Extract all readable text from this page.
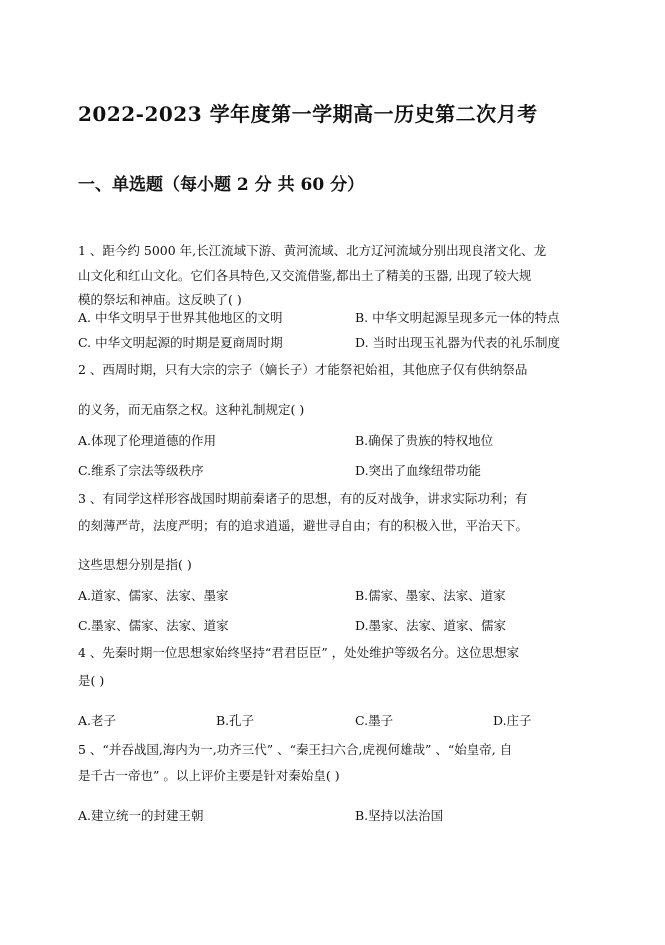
2022-2023 学年度第一学期高一历史第二次月考
一、单选题（每小题 2 分 共 60 分）
1 、距今约 5000 年,长江流域下游、黄河流域、北方辽河流域分别出现良渚文化、龙
山文化和红山文化。它们各具特色,又交流借鉴,都出土了精美的玉器, 出现了较大规
模的祭坛和神庙。这反映了( )
A. 中华文明早于世界其他地区的文明	B. 中华文明起源呈现多元一体的特点
C. 中华文明起源的时期是夏商周时期	D. 当时出现玉礼器为代表的礼乐制度
2 、西周时期，只有大宗的宗子（嫡长子）才能祭祀始祖，其他庶子仅有供纳祭品
的义务，而无庙祭之权。这种礼制规定( )
A.体现了伦理道德的作用	B.确保了贵族的特权地位
C.维系了宗法等级秩序	D.突出了血缘纽带功能
3 、有同学这样形容战国时期前秦诸子的思想，有的反对战争，讲求实际功利；有
的刻薄严苛，法度严明；有的追求逍遥，避世寻自由；有的积极入世，平治天下。
这些思想分别是指( )
A.道家、儒家、法家、墨家	B.儒家、墨家、法家、道家
C.墨家、儒家、法家、道家	D.墨家、法家、道家、儒家
4 、先秦时期一位思想家始终坚持“君君臣臣” ，处处维护等级名分。这位思想家
是( )
A.老子	B.孔子	C.墨子	D.庄子
5 、“并吞战国,海内为一,功齐三代” 、“秦王扫六合,虎视何雄哉” 、“始皇帝, 自
是千古一帝也” 。以上评价主要是针对秦始皇( )
A.建立统一的封建王朝	B.坚持以法治国
